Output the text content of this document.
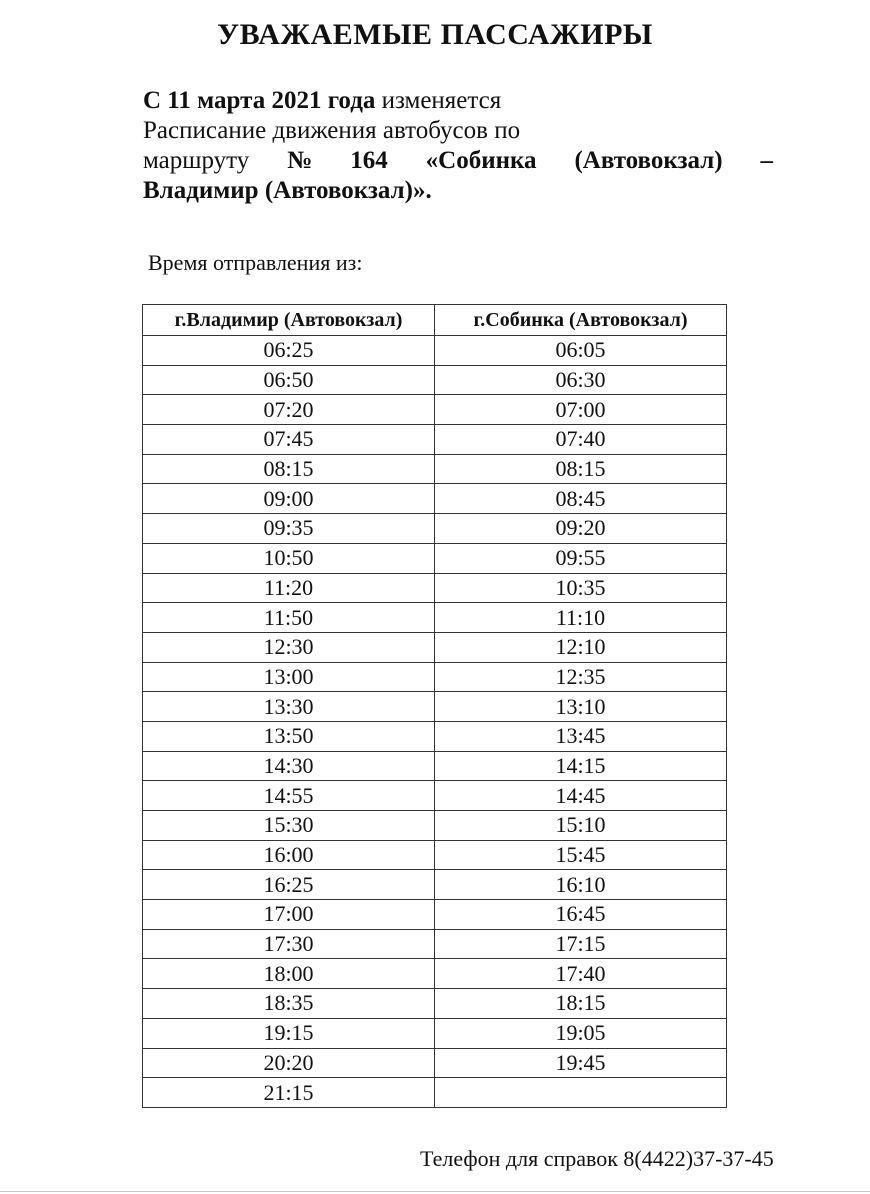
УВАЖАЕМЫЕ ПАССАЖИРЫ
С 11 марта 2021 года изменяется
Расписание движения автобусов по
маршруту № 164 «Собинка (Автовокзал) –
Владимир (Автовокзал)».
Время отправления из:
г.Владимир (Автовокзал)	г.Собинка (Автовокзал)
06:25	06:05
06:50	06:30
07:20	07:00
07:45	07:40
08:15	08:15
09:00	08:45
09:35	09:20
10:50	09:55
11:20	10:35
11:50	11:10
12:30	12:10
13:00	12:35
13:30	13:10
13:50	13:45
14:30	14:15
14:55	14:45
15:30	15:10
16:00	15:45
16:25	16:10
17:00	16:45
17:30	17:15
18:00	17:40
18:35	18:15
19:15	19:05
20:20	19:45
21:15	
Телефон для справок 8(4422)37-37-45
